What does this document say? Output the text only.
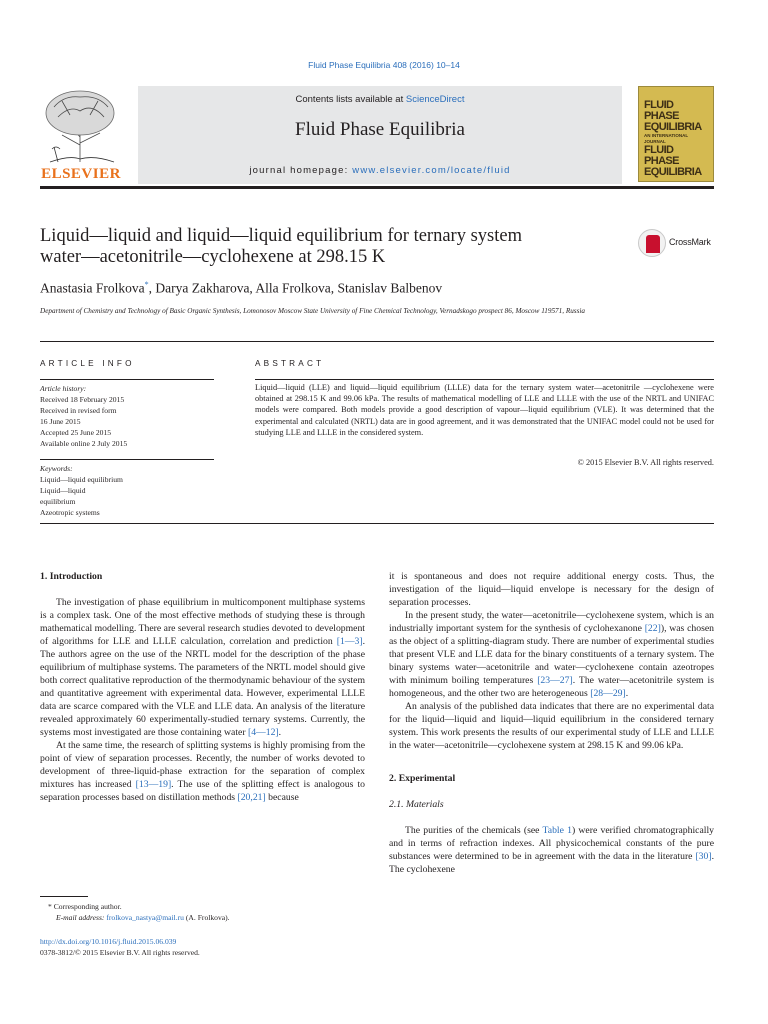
Fluid Phase Equilibria 408 (2016) 10–14
ELSEVIER
Contents lists available at ScienceDirect
Fluid Phase Equilibria
journal homepage: www.elsevier.com/locate/fluid
FLUID PHASE
EQUILIBRIA
AN INTERNATIONAL JOURNAL
FLUID PHASE
EQUILIBRIA
Liquid—liquid and liquid—liquid equilibrium for ternary system
water—acetonitrile—cyclohexene at 298.15 K
CrossMark
Anastasia Frolkova*, Darya Zakharova, Alla Frolkova, Stanislav Balbenov
Department of Chemistry and Technology of Basic Organic Synthesis, Lomonosov Moscow State University of Fine Chemical Technology, Vernadskogo prospect 86, Moscow 119571, Russia
ARTICLE INFO
Article history:
Received 18 February 2015
Received in revised form
16 June 2015
Accepted 25 June 2015
Available online 2 July 2015
Keywords:
Liquid—liquid equilibrium
Liquid—liquid
equilibrium
Azeotropic systems
ABSTRACT
Liquid—liquid (LLE) and liquid—liquid equilibrium (LLLE) data for the ternary system water—acetonitrile —cyclohexene were obtained at 298.15 K and 99.06 kPa. The results of mathematical modelling of LLE and LLLE with the use of the NRTL and UNIFAC models were compared. Both models provide a good description of vapour—liquid equilibrium (VLE). It was determined that the experimental and calculated (NRTL) data are in good agreement, and it was demonstrated that the UNIFAC model could not be used for studying LLE and LLLE in the considered system.
© 2015 Elsevier B.V. All rights reserved.
1. Introduction

The investigation of phase equilibrium in multicomponent multiphase systems is a complex task. One of the most effective methods of studying these is through mathematical modelling. There are several research studies devoted to development of algorithms for LLE and LLLE calculation, correlation and prediction [1—3]. The authors agree on the use of the NRTL model for the description of the phase equilibrium of multiphase systems. The parameters of the NRTL model should give both correct qualitative reproduction of the thermodynamic behaviour of the system and quantitative agreement with experimental data. However, experimental LLLE data are scarce compared with the VLE and LLE data. An analysis of the literature revealed approximately 60 experimentally-studied ternary systems. Currently, the systems most investigated are those containing water [4—12].

At the same time, the research of splitting systems is highly promising from the point of view of separation processes. Recently, the number of works devoted to development of three-liquid-phase extraction for the separation of complex mixtures has increased [13—19]. The use of the splitting effect is analogous to separation processes based on distillation methods [20,21] because

it is spontaneous and does not require additional energy costs. Thus, the investigation of the liquid—liquid envelope is necessary for the design of separation processes.

In the present study, the water—acetonitrile—cyclohexene system, which is an industrially important system for the synthesis of cyclohexanone [22]), was chosen as the object of a splitting-diagram study. There are number of experimental studies that present VLE and LLE data for the binary constituents of a ternary system. The binary systems water—acetonitrile and water—cyclohexene contain azeotropes with minimum boiling temperatures [23—27]. The water—acetonitrile system is homogeneous, and the other two are heterogeneous [28—29].

An analysis of the published data indicates that there are no experimental data for the liquid—liquid and liquid—liquid equilibrium in the considered ternary system. This work presents the results of our experimental study of LLE and LLLE in the water—acetonitrile—cyclohexene system at 298.15 K and 99.06 kPa.

2. Experimental
2.1. Materials

The purities of the chemicals (see Table 1) were verified chromatographically and in terms of refraction indexes. All physicochemical constants of the pure substances were determined to be in agreement with the data in the literature [30]. The cyclohexene

* Corresponding author.
E-mail address: frolkova_nastya@mail.ru (A. Frolkova).
http://dx.doi.org/10.1016/j.fluid.2015.06.039
0378-3812/© 2015 Elsevier B.V. All rights reserved.
